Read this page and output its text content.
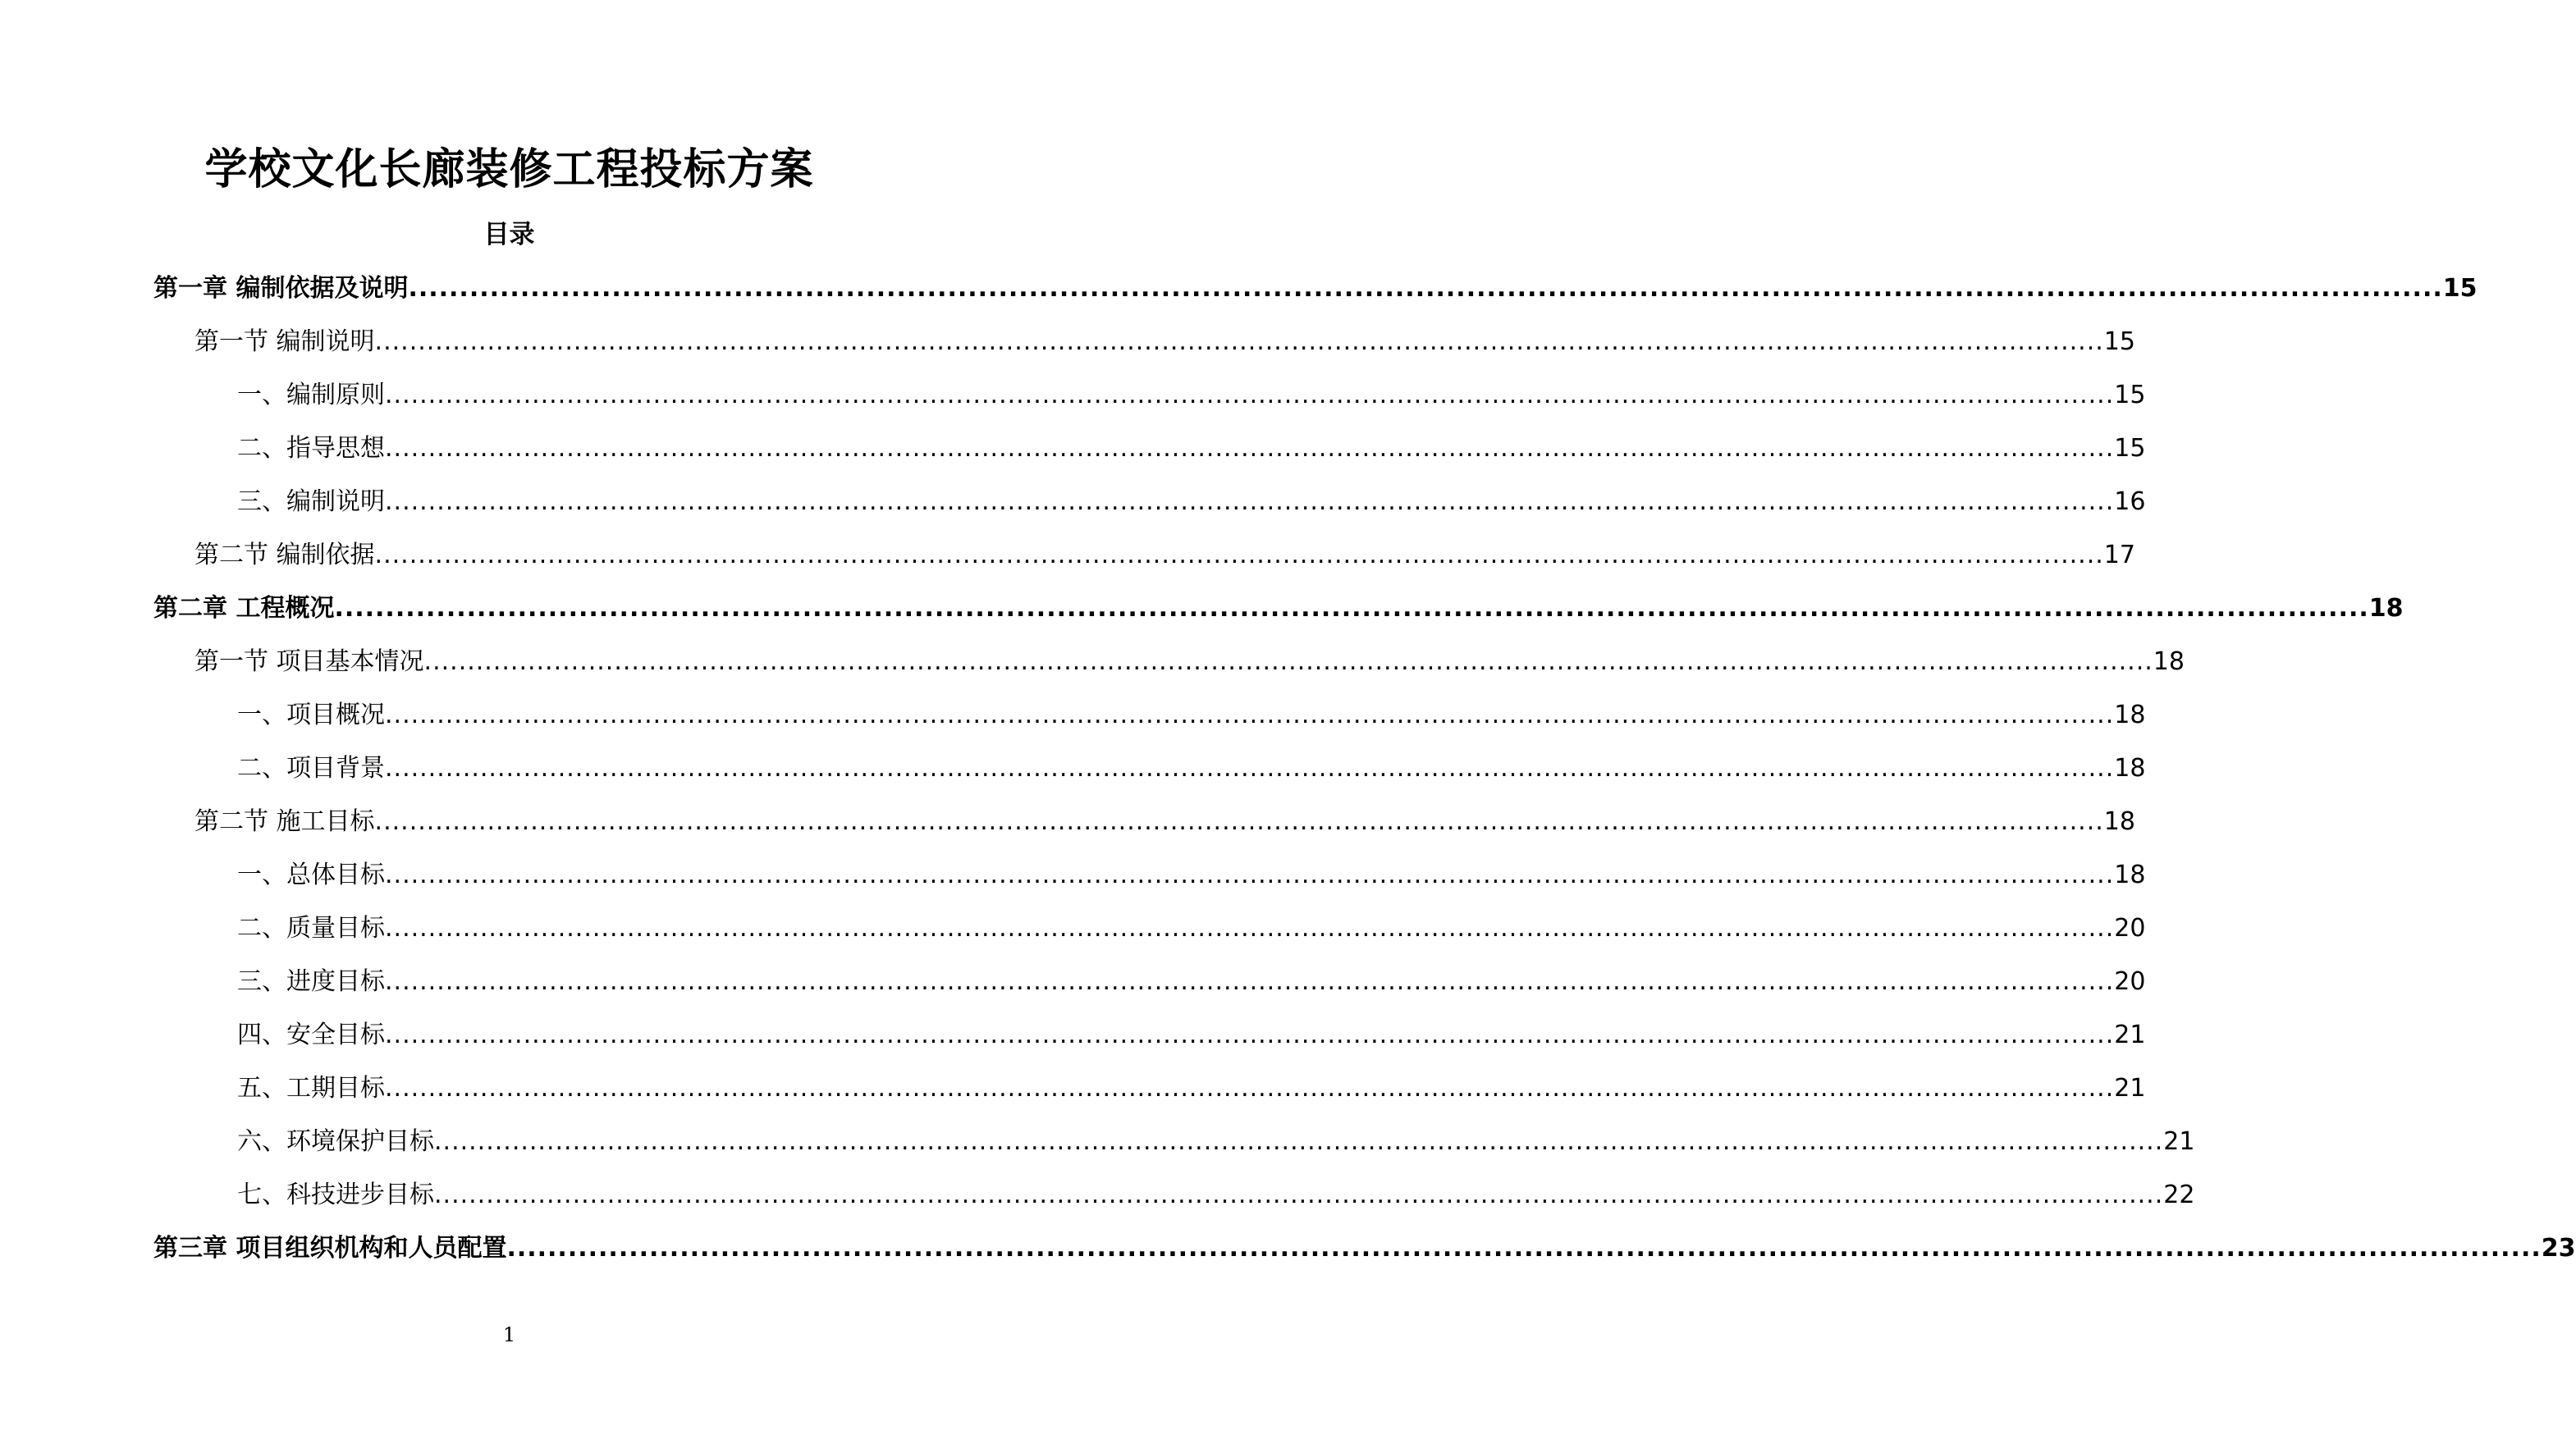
学校文化长廊装修工程投标方案
目录
第一章 编制依据及说明 ........................................................................................................................................................................................................ 15
第一节 编制说明 ........................................................................................................................................................................................................ 15
一、编制原则 ........................................................................................................................................................................................................ 15
二、指导思想 ........................................................................................................................................................................................................ 15
三、编制说明 ........................................................................................................................................................................................................ 16
第二节 编制依据 ........................................................................................................................................................................................................ 17
第二章 工程概况 ........................................................................................................................................................................................................ 18
第一节 项目基本情况 ........................................................................................................................................................................................................ 18
一、项目概况 ........................................................................................................................................................................................................ 18
二、项目背景 ........................................................................................................................................................................................................ 18
第二节 施工目标 ........................................................................................................................................................................................................ 18
一、总体目标 ........................................................................................................................................................................................................ 18
二、质量目标 ........................................................................................................................................................................................................ 20
三、进度目标 ........................................................................................................................................................................................................ 20
四、安全目标 ........................................................................................................................................................................................................ 21
五、工期目标 ........................................................................................................................................................................................................ 21
六、环境保护目标 ........................................................................................................................................................................................................ 21
七、科技进步目标 ........................................................................................................................................................................................................ 22
第三章 项目组织机构和人员配置 ........................................................................................................................................................................................................ 23
1
